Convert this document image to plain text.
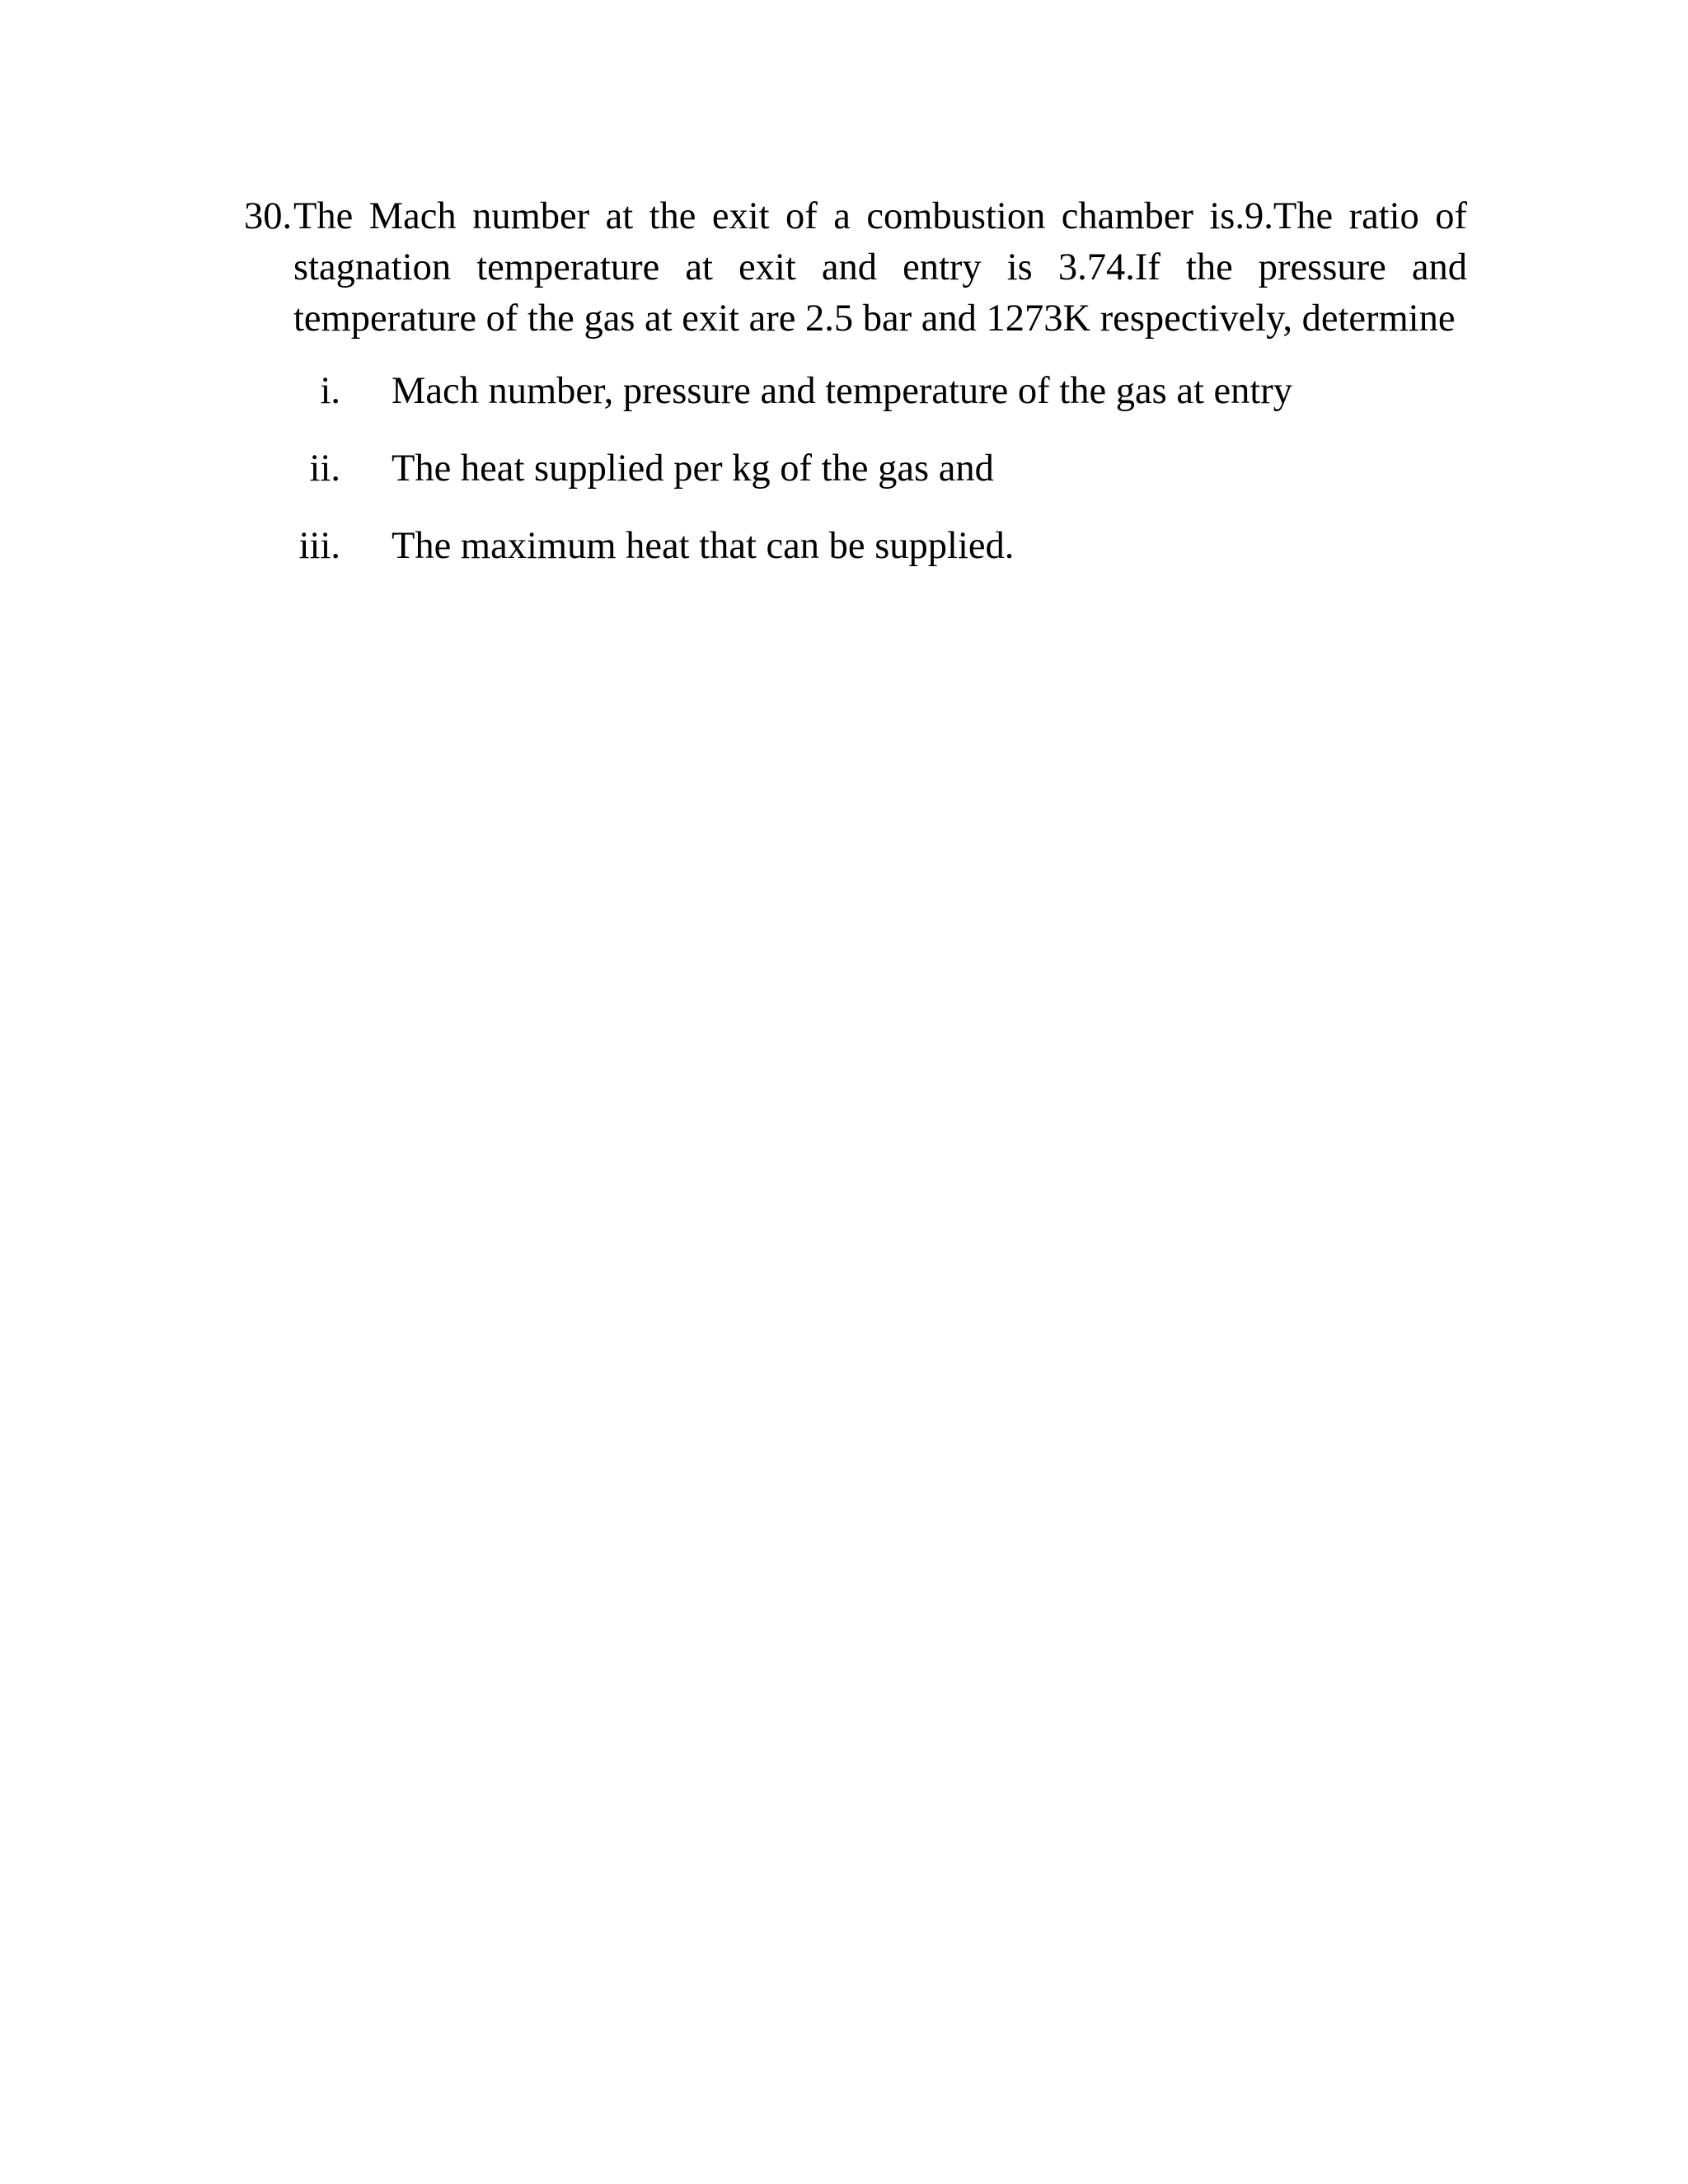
30. The Mach number at the exit of a combustion chamber is.9.The ratio of stagnation temperature at exit and entry is 3.74.If the pressure and temperature of the gas at exit are 2.5 bar and 1273K respectively, determine
i. Mach number, pressure and temperature of the gas at entry
ii. The heat supplied per kg of the gas and
iii. The maximum heat that can be supplied.
